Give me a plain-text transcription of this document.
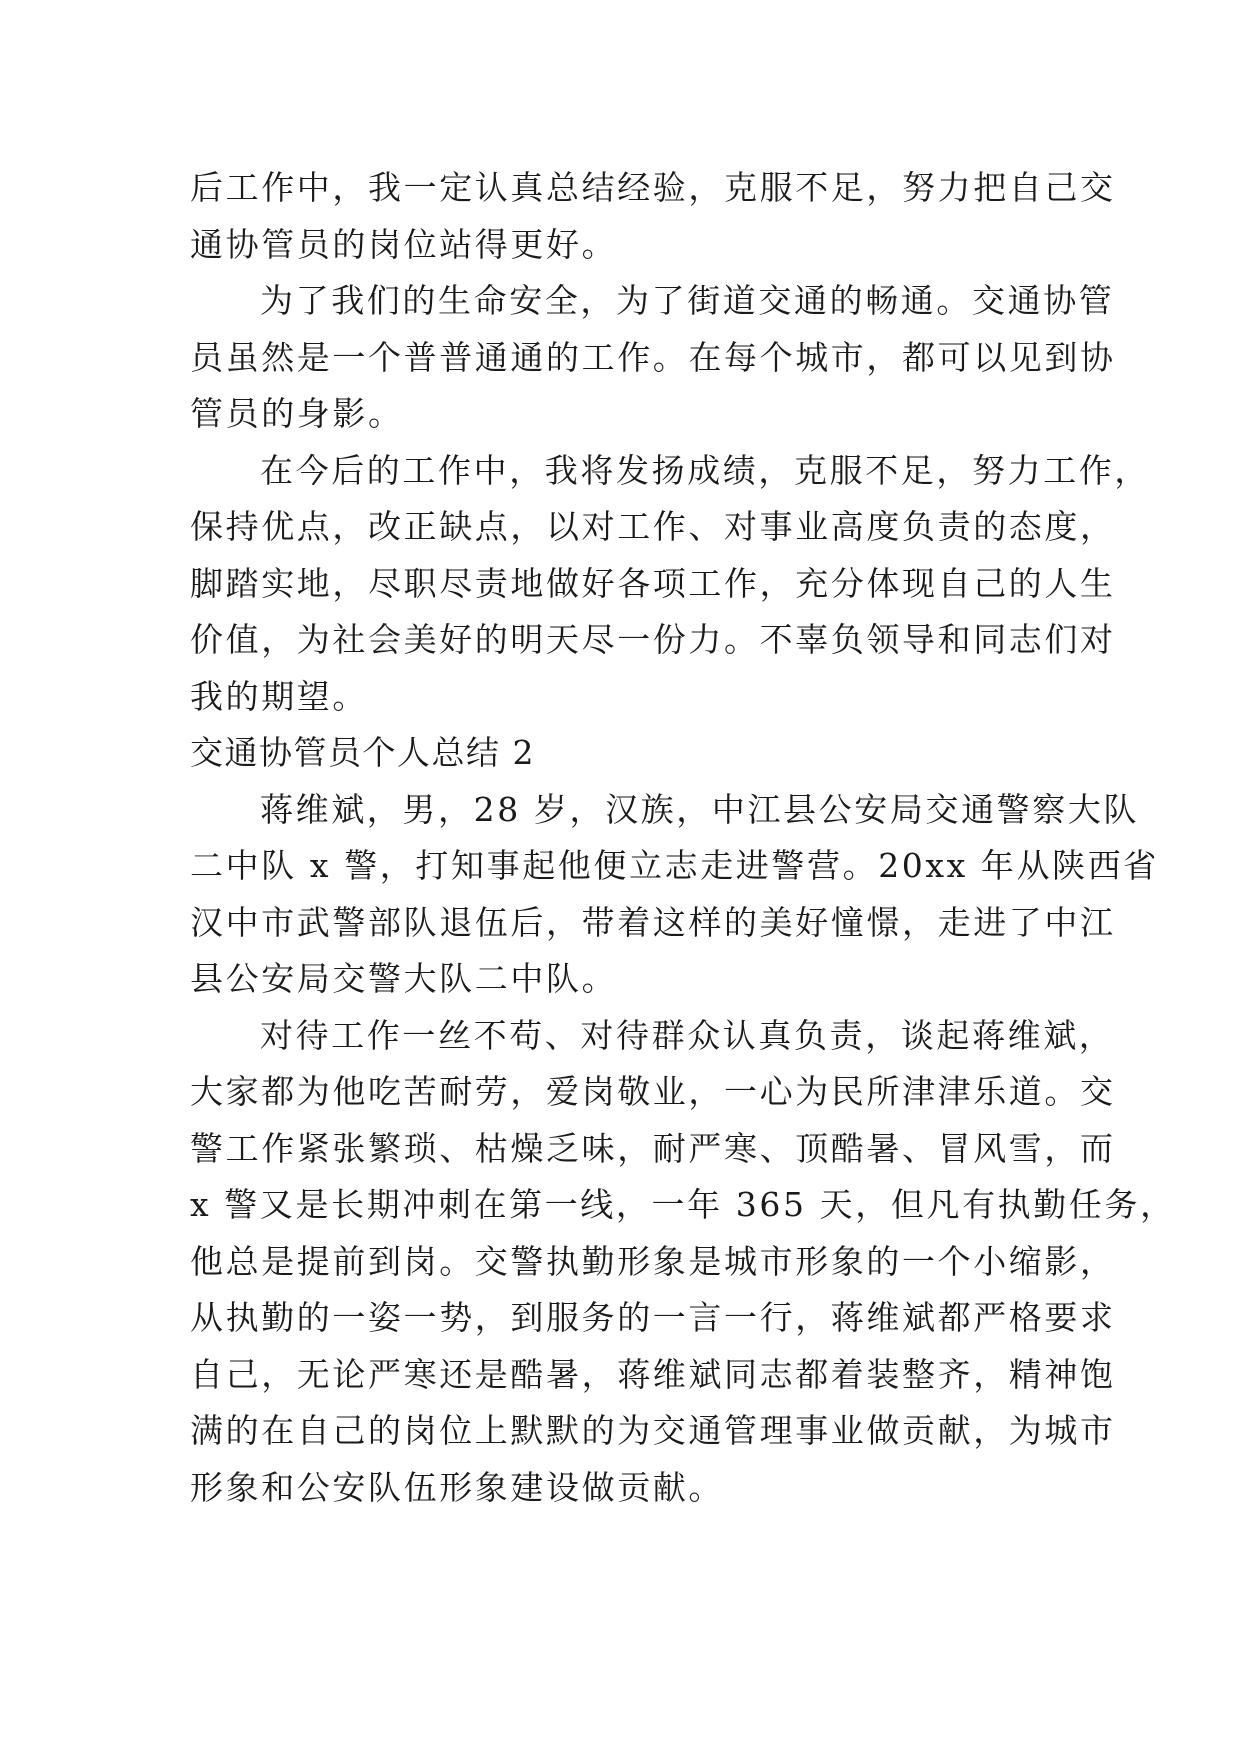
后工作中，我一定认真总结经验，克服不足，努力把自己交
通协管员的岗位站得更好。
为了我们的生命安全，为了街道交通的畅通。交通协管
员虽然是一个普普通通的工作。在每个城市，都可以见到协
管员的身影。
在今后的工作中，我将发扬成绩，克服不足，努力工作，
保持优点，改正缺点，以对工作、对事业高度负责的态度，
脚踏实地，尽职尽责地做好各项工作，充分体现自己的人生
价值，为社会美好的明天尽一份力。不辜负领导和同志们对
我的期望。
交通协管员个人总结 2
蒋维斌，男，28 岁，汉族，中江县公安局交通警察大队
二中队 x 警，打知事起他便立志走进警营。20xx 年从陕西省
汉中市武警部队退伍后，带着这样的美好憧憬，走进了中江
县公安局交警大队二中队。
对待工作一丝不苟、对待群众认真负责，谈起蒋维斌，
大家都为他吃苦耐劳，爱岗敬业，一心为民所津津乐道。交
警工作紧张繁琐、枯燥乏味，耐严寒、顶酷暑、冒风雪，而
x 警又是长期冲刺在第一线，一年 365 天，但凡有执勤任务，
他总是提前到岗。交警执勤形象是城市形象的一个小缩影，
从执勤的一姿一势，到服务的一言一行，蒋维斌都严格要求
自己，无论严寒还是酷暑，蒋维斌同志都着装整齐，精神饱
满的在自己的岗位上默默的为交通管理事业做贡献，为城市
形象和公安队伍形象建设做贡献。
